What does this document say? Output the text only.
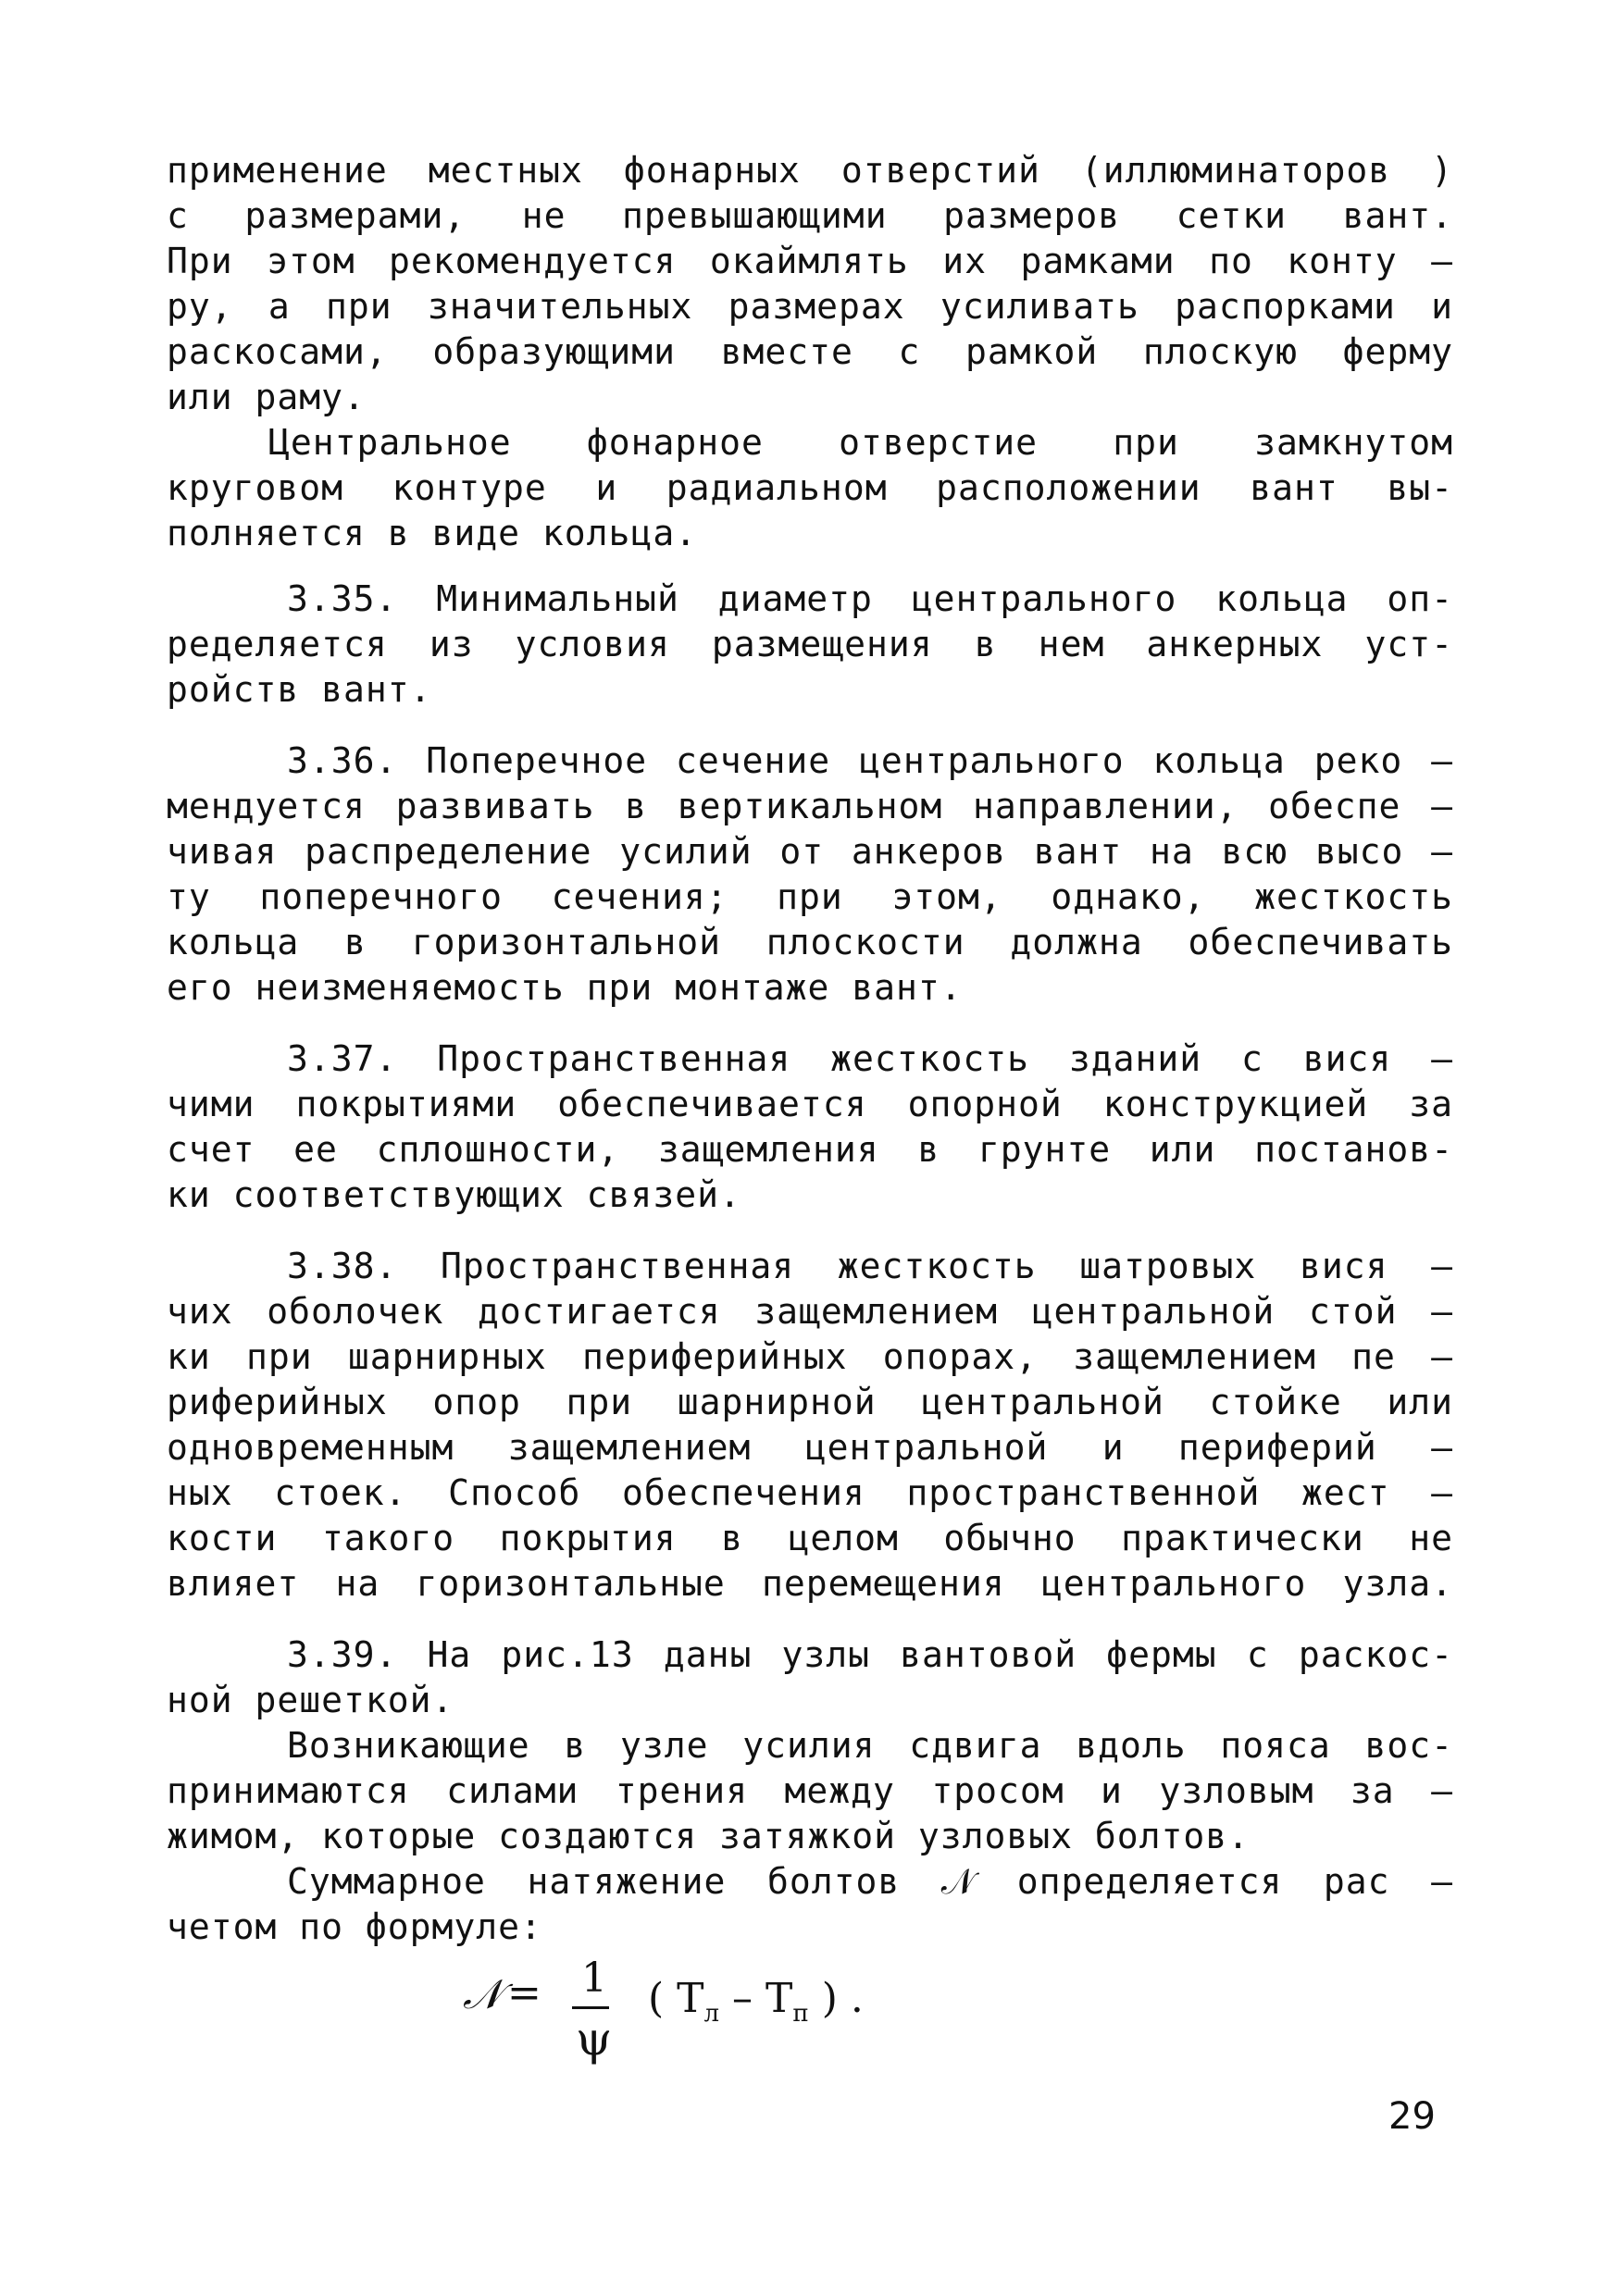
применение местных фонарных отверстий (иллюминаторов )
с размерами, не превышающими размеров сетки вант.
При этом рекомендуется окаймлять их рамками по конту –
ру, а при значительных размерах усиливать распорками и
раскосами, образующими вместе с рамкой плоскую ферму
или раму.
Центральное фонарное отверстие при замкнутом
круговом контуре и радиальном расположении вант вы-
полняется в виде кольца.
3.35. Минимальный диаметр центрального кольца оп-
ределяется из условия размещения в нем анкерных уст-
ройств вант.
3.36. Поперечное сечение центрального кольца реко –
мендуется развивать в вертикальном направлении, обеспе –
чивая распределение усилий от анкеров вант на всю высо –
ту поперечного сечения; при этом, однако, жесткость
кольца в горизонтальной плоскости должна обеспечивать
его неизменяемость при монтаже вант.
3.37. Пространственная жесткость зданий с вися –
чими покрытиями обеспечивается опорной конструкцией за
счет ее сплошности, защемления в грунте или постанов-
ки соответствующих связей.
3.38. Пространственная жесткость шатровых вися –
чих оболочек достигается защемлением центральной стой –
ки при шарнирных периферийных опорах, защемлением пе –
риферийных опор при шарнирной центральной стойке или
одновременным защемлением центральной и периферий –
ных стоек. Способ обеспечения пространственной жест –
кости такого покрытия в целом обычно практически не
влияет на горизонтальные перемещения центрального узла.
3.39. На рис.13 даны узлы вантовой фермы с раскос-
ной решеткой.
Возникающие в узле усилия сдвига вдоль пояса вос-
принимаются силами трения между тросом и узловым за –
жимом, которые создаются затяжкой узловых болтов.
Суммарное натяжение болтов 𝒩 определяется рас –
четом по формуле:
𝒩 = 1
ψ
( $T_л - T_п$ ) .
29
